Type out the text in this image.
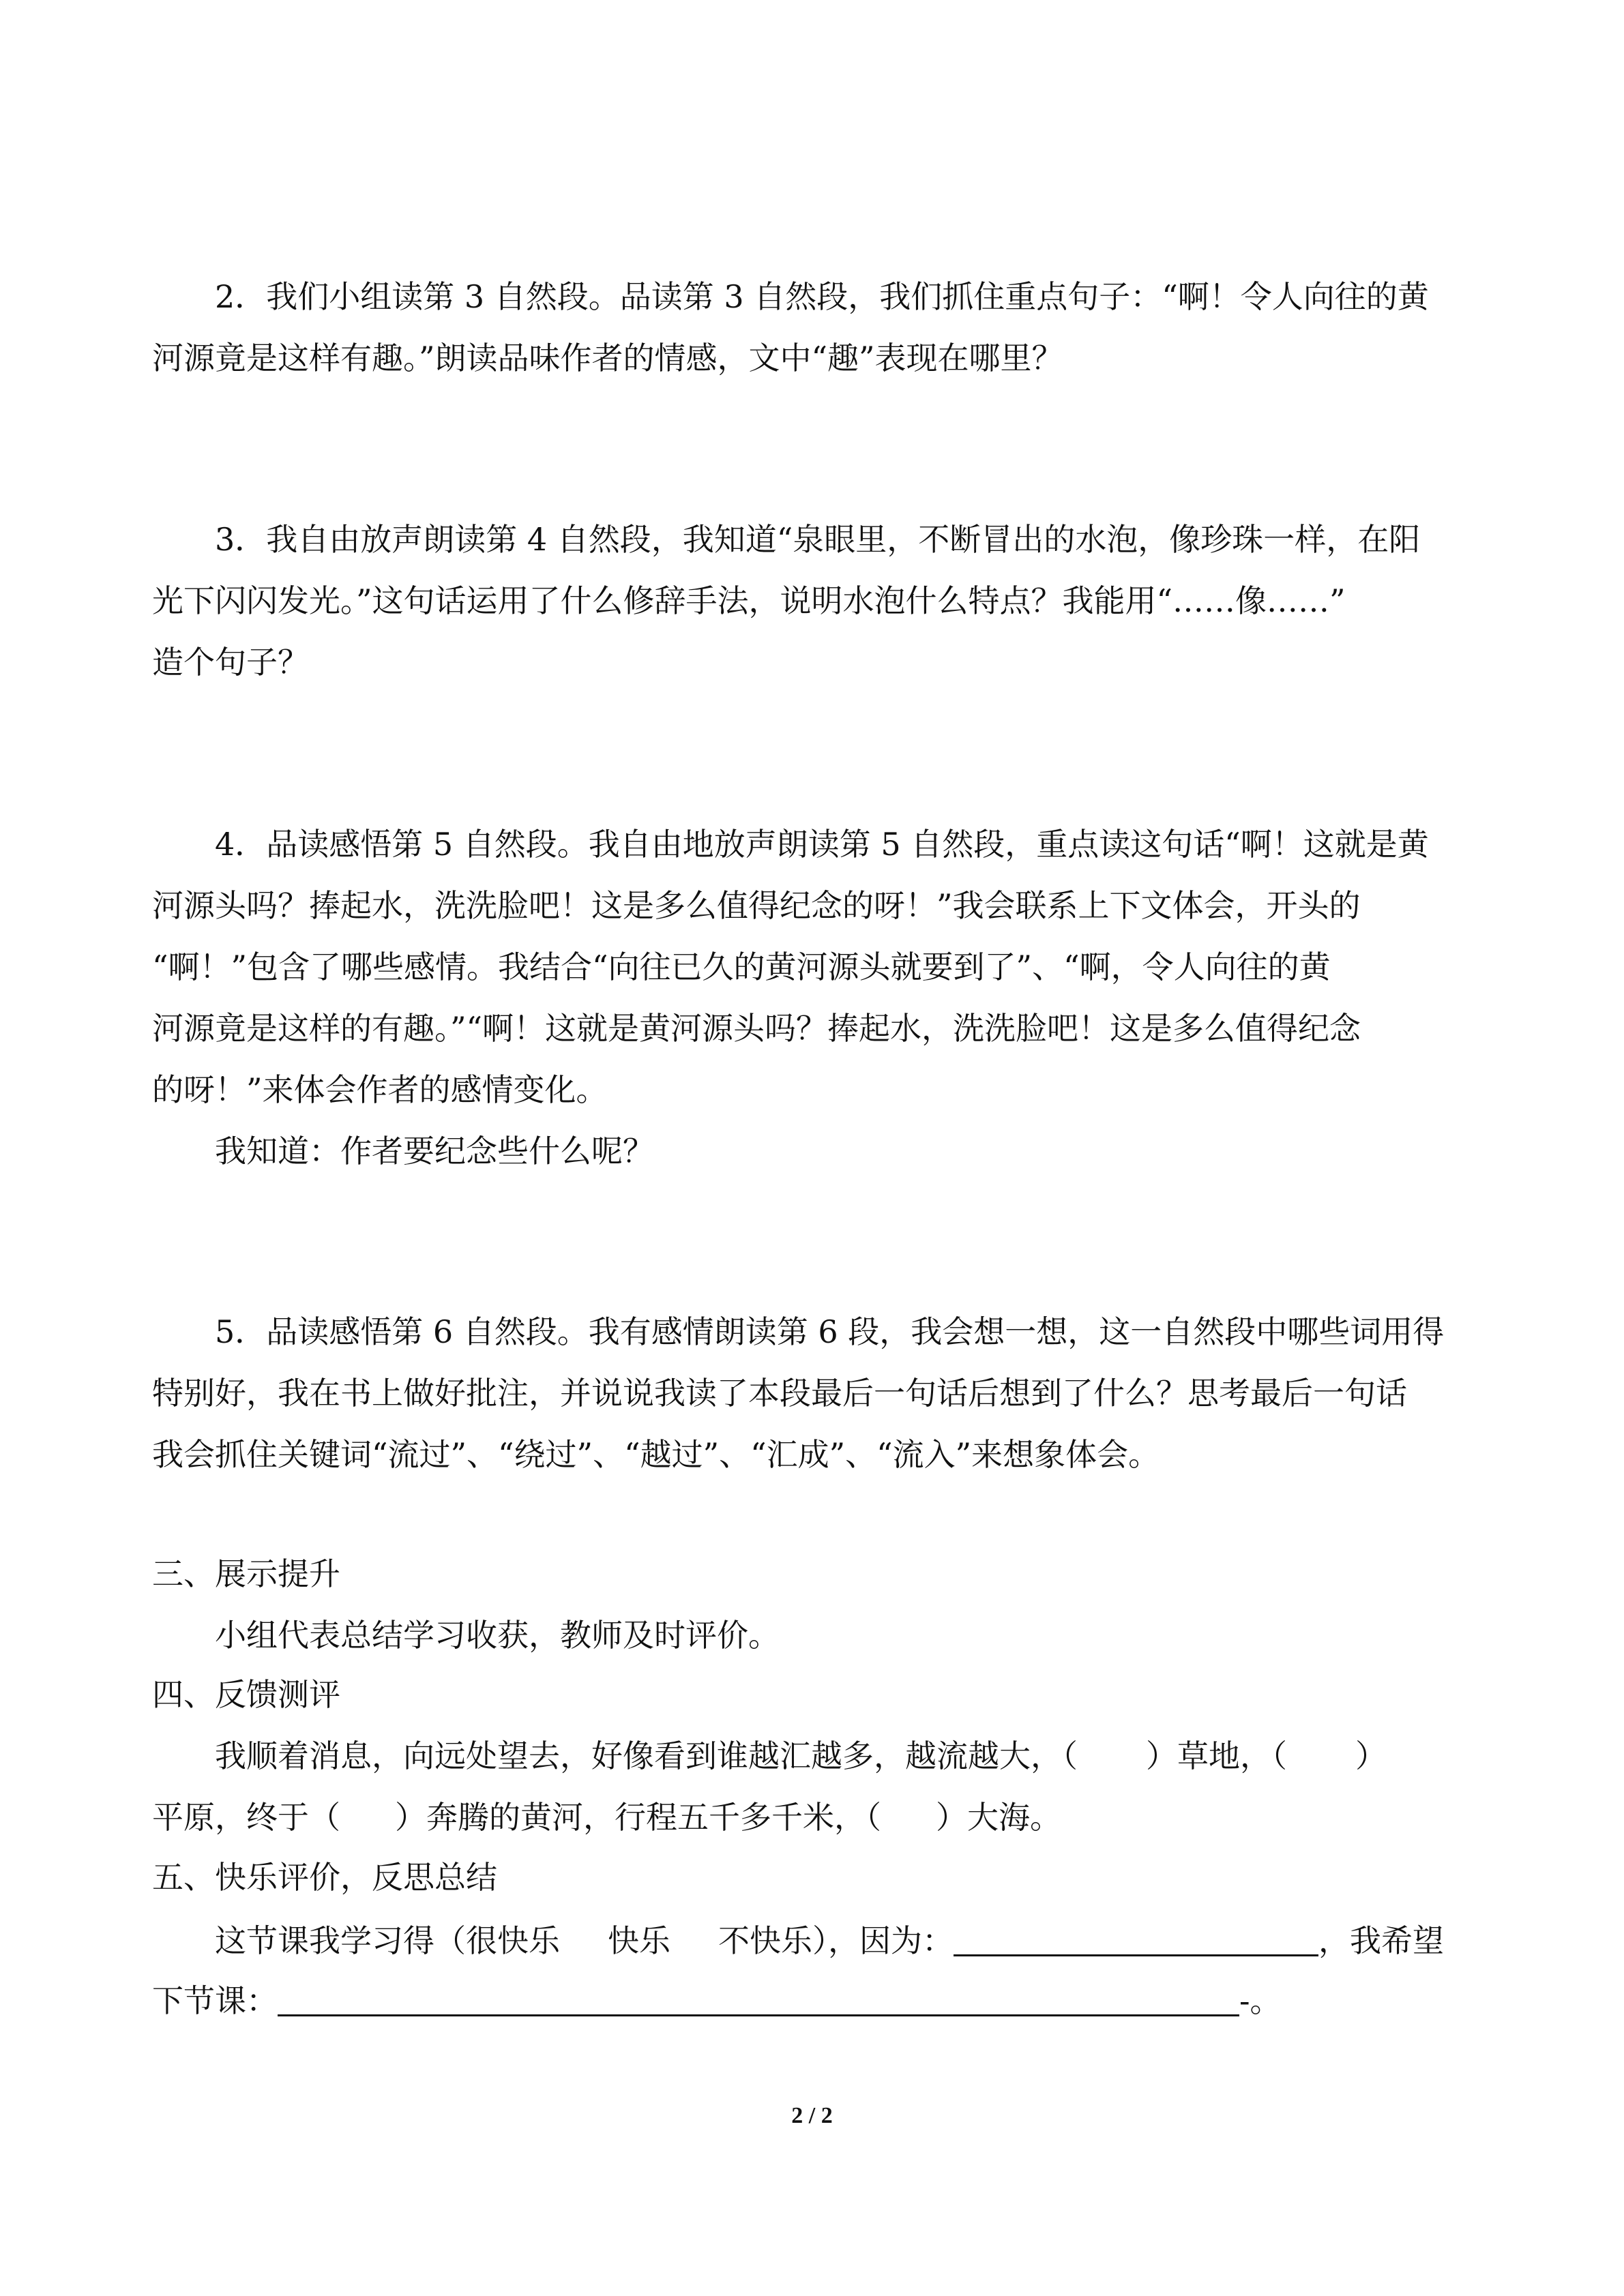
2．我们小组读第 3 自然段。品读第 3 自然段，我们抓住重点句子：“啊！令人向往的黄
河源竟是这样有趣。”朗读品味作者的情感，文中“趣”表现在哪里？
3．我自由放声朗读第 4 自然段，我知道“泉眼里，不断冒出的水泡，像珍珠一样，在阳
光下闪闪发光。”这句话运用了什么修辞手法，说明水泡什么特点？我能用“……像……”
造个句子？
4．品读感悟第 5 自然段。我自由地放声朗读第 5 自然段，重点读这句话“啊！这就是黄
河源头吗？捧起水，洗洗脸吧！这是多么值得纪念的呀！”我会联系上下文体会，开头的
“啊！”包含了哪些感情。我结合“向往已久的黄河源头就要到了”、“啊，令人向往的黄
河源竟是这样的有趣。”“啊！这就是黄河源头吗？捧起水，洗洗脸吧！这是多么值得纪念
的呀！”来体会作者的感情变化。
我知道：作者要纪念些什么呢？
5．品读感悟第 6 自然段。我有感情朗读第 6 段，我会想一想，这一自然段中哪些词用得
特别好，我在书上做好批注，并说说我读了本段最后一句话后想到了什么？思考最后一句话
我会抓住关键词“流过”、“绕过”、“越过”、“汇成”、“流入”来想象体会。
三、展示提升
小组代表总结学习收获，教师及时评价。
四、反馈测评
我顺着消息，向远处望去，好像看到谁越汇越多，越流越大，（ ）草地，（ ）
平原，终于（ ）奔腾的黄河，行程五千多千米，（ ）大海。
五、快乐评价，反思总结
这节课我学习得（很快乐 快乐 不快乐），因为：	，我希望
下节课：	-。
2 / 2
